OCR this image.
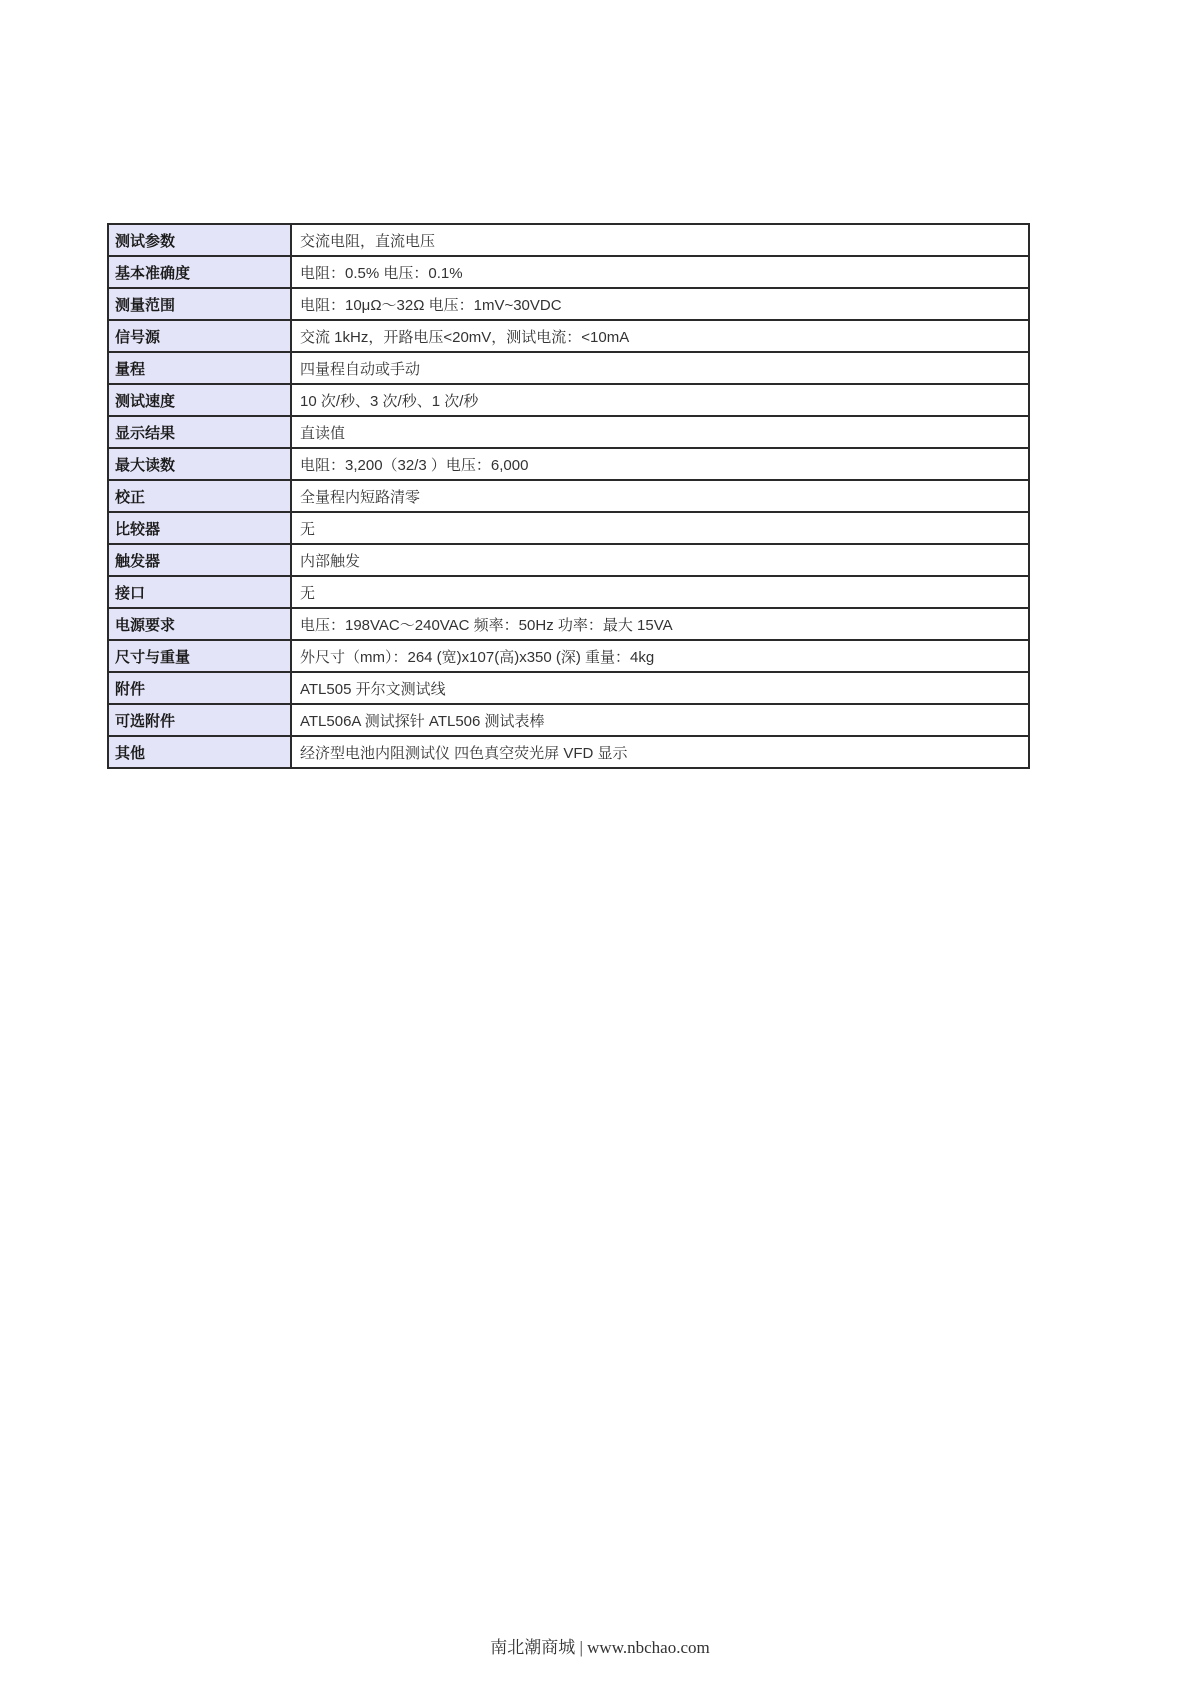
测试参数	交流电阻，直流电压
基本准确度	电阻：0.5% 电压：0.1%
测量范围	电阻：10μΩ～32Ω 电压：1mV~30VDC
信号源	交流 1kHz，开路电压<20mV，测试电流：<10mA
量程	四量程自动或手动
测试速度	10 次/秒、3 次/秒、1 次/秒
显示结果	直读值
最大读数	电阻：3,200（32/3 ）电压：6,000
校正	全量程内短路清零
比较器	无
触发器	内部触发
接口	无
电源要求	电压：198VAC～240VAC 频率：50Hz 功率：最大 15VA
尺寸与重量	外尺寸（mm）：264 (宽)x107(高)x350 (深) 重量：4kg
附件	ATL505 开尔文测试线
可选附件	ATL506A 测试探针 ATL506 测试表棒
其他	经济型电池内阻测试仪 四色真空荧光屏 VFD 显示
南北潮商城 | www.nbchao.com
